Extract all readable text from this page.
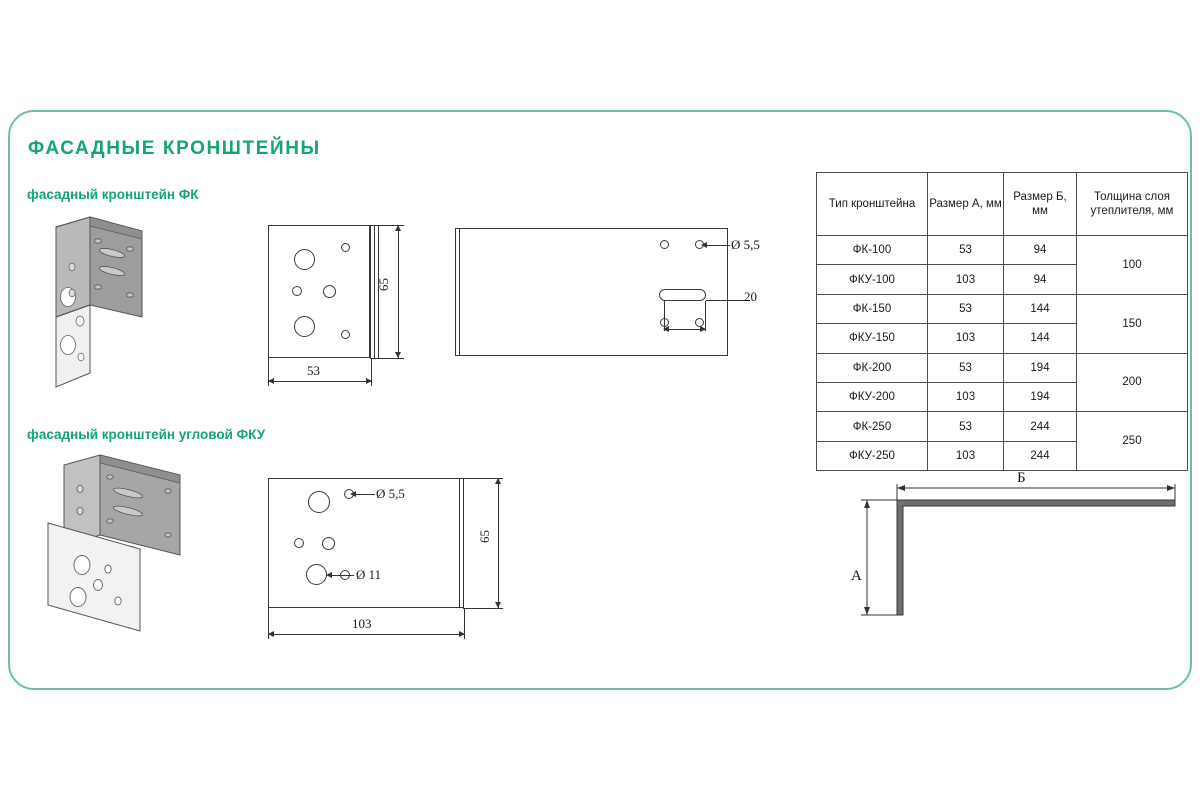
ФАСАДНЫЕ КРОНШТЕЙНЫ
фасадный кронштейн ФК
фасадный кронштейн угловой ФКУ
Тип кронштейна	Размер А, мм	Размер Б, мм	Толщина слоя утеплителя, мм
ФК-100	53	94	100
ФКУ-100	103	94	
ФК-150	53	144	150
ФКУ-150	103	144	
ФК-200	53	194	200
ФКУ-200	103	194	
ФК-250	53	244	250
ФКУ-250	103	244	
65
53
Ø 5,5
20
Ø 5,5
Ø 11
65
103
Б
А
